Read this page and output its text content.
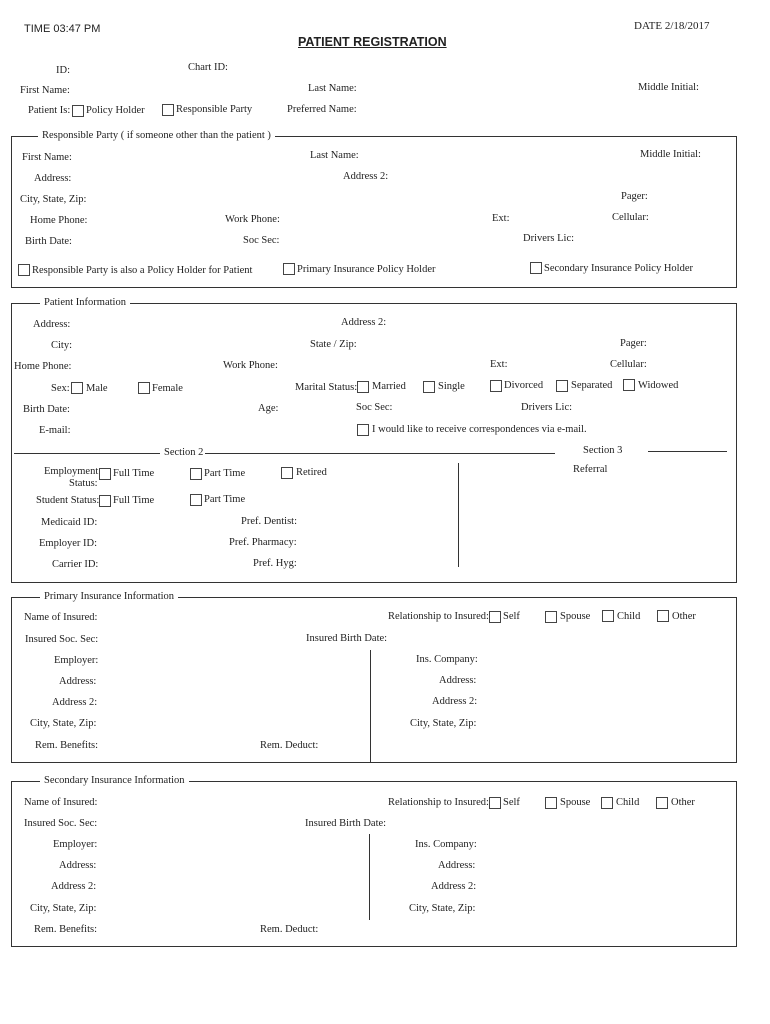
TIME 03:47 PM	DATE 2/18/2017
PATIENT REGISTRATION
ID:	Chart ID:
First Name:	Last Name:	Middle Initial:
Patient Is: Policy Holder	Responsible Party	Preferred Name:
Responsible Party ( if someone other than the patient )
First Name:	Last Name:	Middle Initial:
Address:	Address 2:
City, State, Zip:	Pager:
Home Phone:	Work Phone:	Ext:	Cellular:
Birth Date:	Soc Sec:	Drivers Lic:
Responsible Party is also a Policy Holder for Patient	Primary Insurance Policy Holder	Secondary Insurance Policy Holder
Patient Information
Address:	Address 2:
City:	State / Zip:	Pager:
Home Phone:	Work Phone:	Ext:	Cellular:
Sex: Male	Female	Marital Status: Married	Single	Divorced	Separated Widowed
Birth Date:	Age:	Soc Sec:	Drivers Lic:
E-mail:	I would like to receive correspondences via e-mail.
Section 2	Section 3
Referral
Employment
Status:
Full Time	Part Time	Retired
Student Status: Full Time	Part Time
Medicaid ID:	Pref. Dentist:
Employer ID:	Pref. Pharmacy:
Carrier ID:	Pref. Hyg:
Primary Insurance Information
Name of Insured:	Relationship to Insured: Self	Spouse	Child	Other
Insured Soc. Sec:	Insured Birth Date:
Employer:	Ins. Company:
Address:	Address:
Address 2:	Address 2:
City, State, Zip:	City, State, Zip:
Rem. Benefits:	Rem. Deduct:
Secondary Insurance Information
Name of Insured:	Relationship to Insured: Self	Spouse Child	Other
Insured Soc. Sec:	Insured Birth Date:
Employer:	Ins. Company:
Address:	Address:
Address 2:	Address 2:
City, State, Zip:	City, State, Zip:
Rem. Benefits:	Rem. Deduct:
